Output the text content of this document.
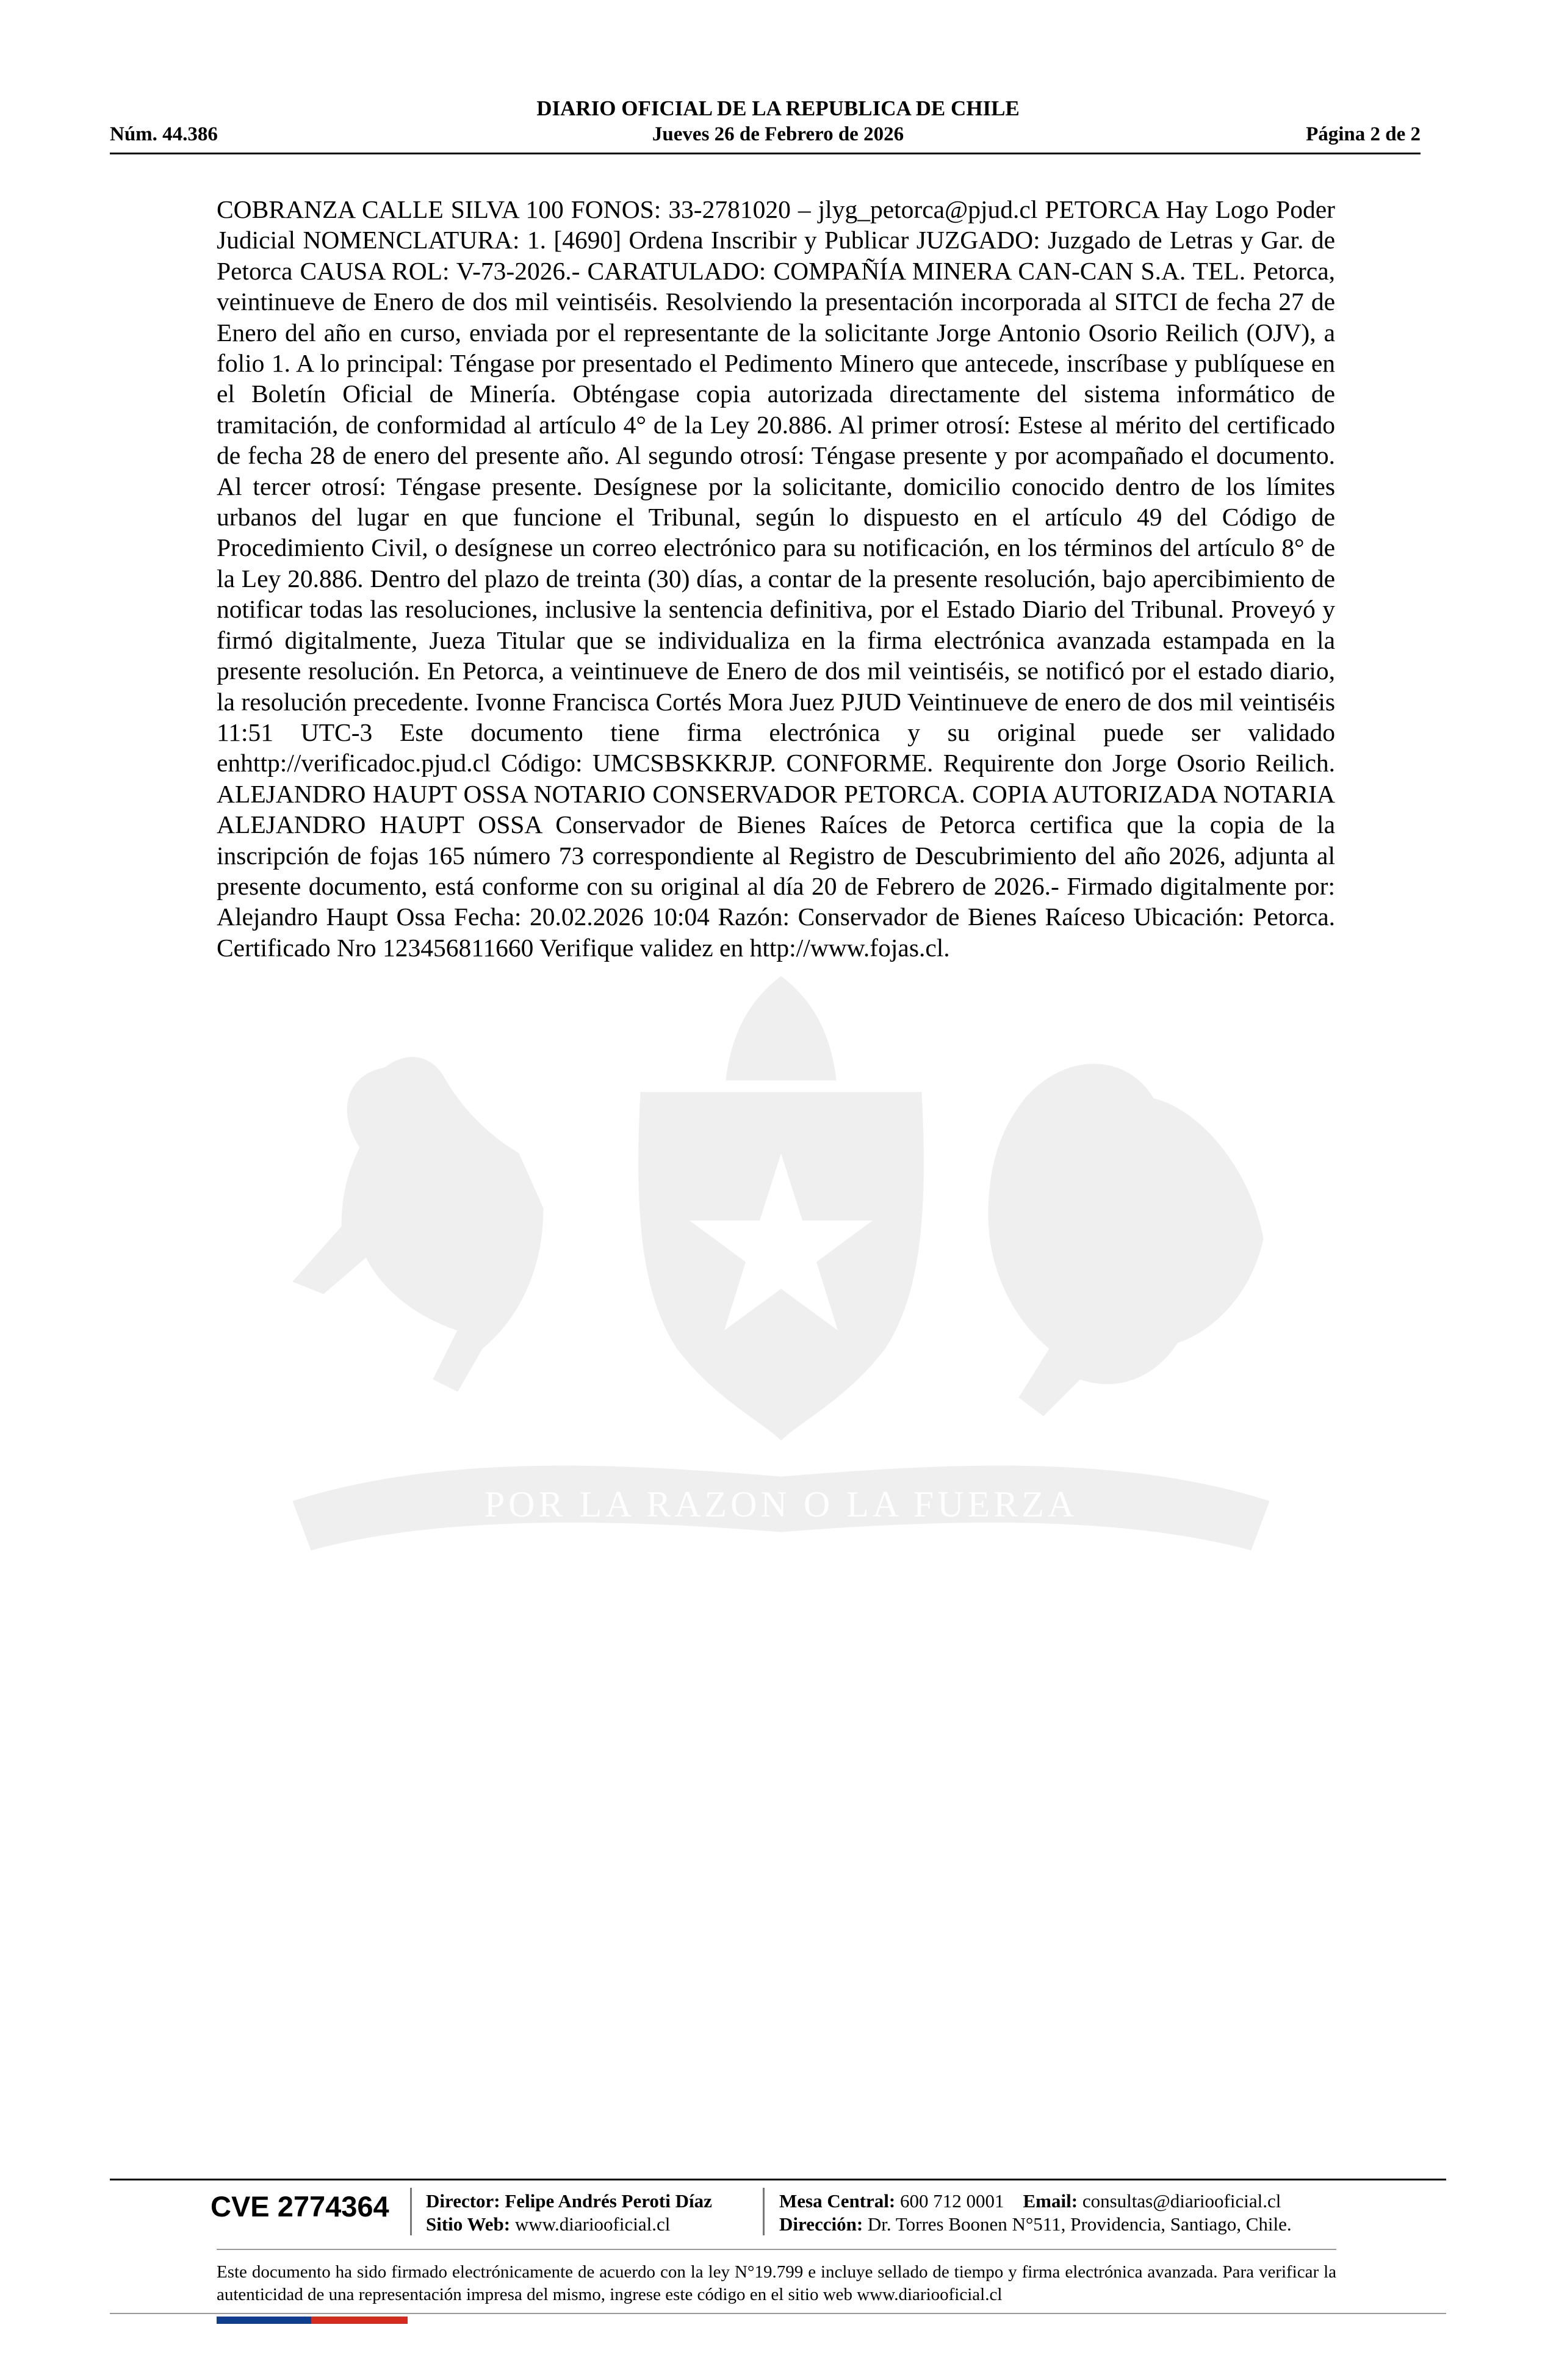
DIARIO OFICIAL DE LA REPUBLICA DE CHILE
Núm. 44.386	Jueves 26 de Febrero de 2026	Página 2 de 2
POR LA RAZON O LA FUERZA
COBRANZA CALLE SILVA 100 FONOS: 33-2781020 – jlyg_petorca@pjud.cl PETORCA Hay Logo Poder Judicial NOMENCLATURA: 1. [4690] Ordena Inscribir y Publicar JUZGADO: Juzgado de Letras y Gar. de Petorca CAUSA ROL: V-73-2026.- CARATULADO: COMPAÑÍA MINERA CAN-CAN S.A. TEL. Petorca, veintinueve de Enero de dos mil veintiséis. Resolviendo la presentación incorporada al SITCI de fecha 27 de Enero del año en curso, enviada por el representante de la solicitante Jorge Antonio Osorio Reilich (OJV), a folio 1. A lo principal: Téngase por presentado el Pedimento Minero que antecede, inscríbase y publíquese en el Boletín Oficial de Minería. Obténgase copia autorizada directamente del sistema informático de tramitación, de conformidad al artículo 4° de la Ley 20.886. Al primer otrosí: Estese al mérito del certificado de fecha 28 de enero del presente año. Al segundo otrosí: Téngase presente y por acompañado el documento. Al tercer otrosí: Téngase presente. Desígnese por la solicitante, domicilio conocido dentro de los límites urbanos del lugar en que funcione el Tribunal, según lo dispuesto en el artículo 49 del Código de Procedimiento Civil, o desígnese un correo electrónico para su notificación, en los términos del artículo 8° de la Ley 20.886. Dentro del plazo de treinta (30) días, a contar de la presente resolución, bajo apercibimiento de notificar todas las resoluciones, inclusive la sentencia definitiva, por el Estado Diario del Tribunal. Proveyó y firmó digitalmente, Jueza Titular que se individualiza en la firma electrónica avanzada estampada en la presente resolución. En Petorca, a veintinueve de Enero de dos mil veintiséis, se notificó por el estado diario, la resolución precedente. Ivonne Francisca Cortés Mora Juez PJUD Veintinueve de enero de dos mil veintiséis 11:51 UTC-3 Este documento tiene firma electrónica y su original puede ser validado enhttp://verificadoc.pjud.cl Código: UMCSBSKKRJP. CONFORME. Requirente don Jorge Osorio Reilich. ALEJANDRO HAUPT OSSA NOTARIO CONSERVADOR PETORCA. COPIA AUTORIZADA NOTARIA ALEJANDRO HAUPT OSSA Conservador de Bienes Raíces de Petorca certifica que la copia de la inscripción de fojas 165 número 73 correspondiente al Registro de Descubrimiento del año 2026, adjunta al presente documento, está conforme con su original al día 20 de Febrero de 2026.- Firmado digitalmente por: Alejandro Haupt Ossa Fecha: 20.02.2026 10:04 Razón: Conservador de Bienes Raíceso Ubicación: Petorca. Certificado Nro 123456811660 Verifique validez en http://www.fojas.cl.
CVE 2774364 Director: Felipe Andrés Peroti Díaz
Sitio Web: www.diariooficial.cl
Mesa Central: 600 712 0001 Email: consultas@diariooficial.cl
Dirección: Dr. Torres Boonen N°511, Providencia, Santiago, Chile.
Este documento ha sido firmado electrónicamente de acuerdo con la ley N°19.799 e incluye sellado de tiempo y firma electrónica avanzada. Para verificar la autenticidad de una representación impresa del mismo, ingrese este código en el sitio web www.diariooficial.cl
